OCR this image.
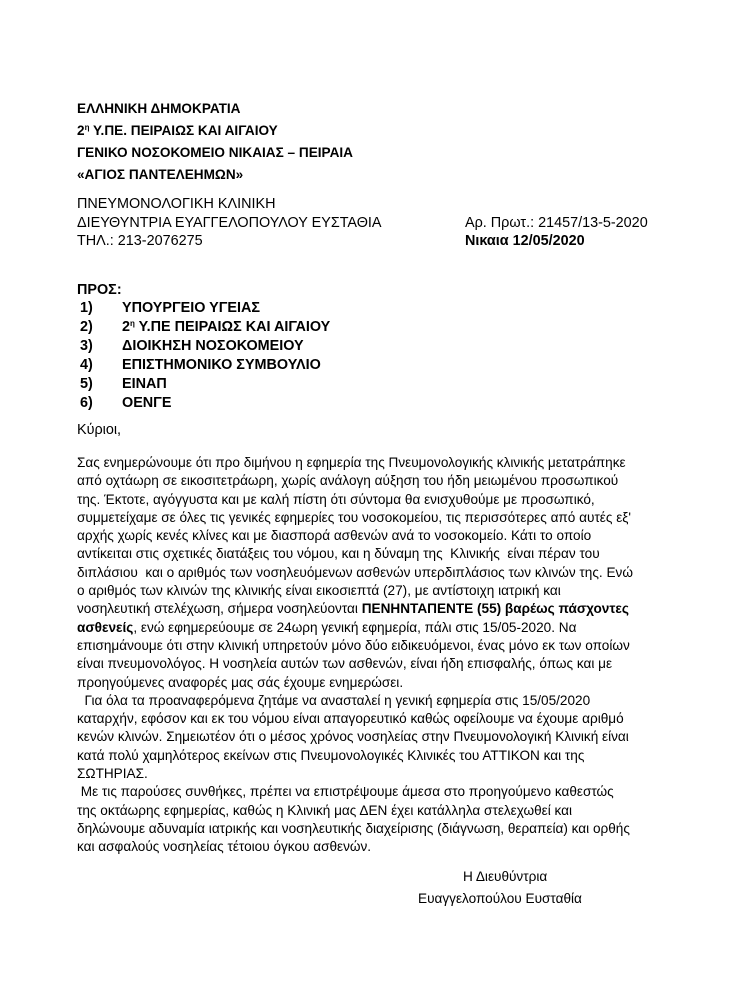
ΕΛΛΗΝΙΚΗ ΔΗΜΟΚΡΑΤΙΑ
$2^\eta$ Υ.ΠΕ. ΠΕΙΡΑΙΩΣ ΚΑΙ ΑΙΓΑΙΟΥ
ΓΕΝΙΚΟ ΝΟΣΟΚΟΜΕΙΟ ΝΙΚΑΙΑΣ – ΠΕΙΡΑΙΑ
«ΑΓΙΟΣ ΠΑΝΤΕΛΕΗΜΩΝ»
ΠΝΕΥΜΟΝΟΛΟΓΙΚΗ ΚΛΙΝΙΚΗ
ΔΙΕΥΘΥΝΤΡΙΑ ΕΥΑΓΓΕΛΟΠΟΥΛΟΥ ΕΥΣΤΑΘΙΑ
ΤΗΛ.: 213-2076275
Αρ. Πρωτ.: 21457/13-5-2020
Νικαια 12/05/2020
ΠΡΟΣ:
1) ΥΠΟΥΡΓΕΙΟ ΥΓΕΙΑΣ
2) $2^\eta$ Υ.ΠΕ ΠΕΙΡΑΙΩΣ ΚΑΙ ΑΙΓΑΙΟΥ
3) ΔΙΟΙΚΗΣΗ ΝΟΣΟΚΟΜΕΙΟΥ
4) ΕΠΙΣΤΗΜΟΝΙΚΟ ΣΥΜΒΟΥΛΙΟ
5) ΕΙΝΑΠ
6) ΟΕΝΓΕ
Κύριοι,
Σας ενημερώνουμε ότι προ διμήνου η εφημερία της Πνευμονολογικής κλινικής μετατράπηκε
από οχτάωρη σε εικοσιτετράωρη, χωρίς ανάλογη αύξηση του ήδη μειωμένου προσωπικού
της. Έκτοτε, αγόγγυστα και με καλή πίστη ότι σύντομα θα ενισχυθούμε με προσωπικό,
συμμετείχαμε σε όλες τις γενικές εφημερίες του νοσοκομείου, τις περισσότερες από αυτές εξ'
αρχής χωρίς κενές κλίνες και με διασπορά ασθενών ανά το νοσοκομείο. Κάτι το οποίο
αντίκειται στις σχετικές διατάξεις του νόμου, και η δύναμη της  Κλινικής  είναι πέραν του
διπλάσιου  και ο αριθμός των νοσηλευόμενων ασθενών υπερδιπλάσιος των κλινών της. Ενώ
ο αριθμός των κλινών της κλινικής είναι εικοσιεπτά (27), με αντίστοιχη ιατρική και
νοσηλευτική στελέχωση, σήμερα νοσηλεύονται ΠΕΝΗΝΤΑΠΕΝΤΕ (55) βαρέως πάσχοντες
ασθενείς, ενώ εφημερεύουμε σε 24ωρη γενική εφημερία, πάλι στις 15/05-2020. Να
επισημάνουμε ότι στην κλινική υπηρετούν μόνο δύο ειδικευόμενοι, ένας μόνο εκ των οποίων
είναι πνευμονολόγος. Η νοσηλεία αυτών των ασθενών, είναι ήδη επισφαλής, όπως και με
προηγούμενες αναφορές μας σάς έχουμε ενημερώσει.
Για όλα τα προαναφερόμενα ζητάμε να ανασταλεί η γενική εφημερία στις 15/05/2020
καταρχήν, εφόσον και εκ του νόμου είναι απαγορευτικό καθώς οφείλουμε να έχουμε αριθμό
κενών κλινών. Σημειωτέον ότι ο μέσος χρόνος νοσηλείας στην Πνευμονολογική Κλινική είναι
κατά πολύ χαμηλότερος εκείνων στις Πνευμονολογικές Κλινικές του ΑΤΤΙΚΟΝ και της
ΣΩΤΗΡΙΑΣ.
Με τις παρούσες συνθήκες, πρέπει να επιστρέψουμε άμεσα στο προηγούμενο καθεστώς
της οκτάωρης εφημερίας, καθώς η Κλινική μας ΔΕΝ έχει κατάλληλα στελεχωθεί και
δηλώνουμε αδυναμία ιατρικής και νοσηλευτικής διαχείρισης (διάγνωση, θεραπεία) και ορθής
και ασφαλούς νοσηλείας τέτοιου όγκου ασθενών.
Η Διευθύντρια
Ευαγγελοπούλου Ευσταθία
